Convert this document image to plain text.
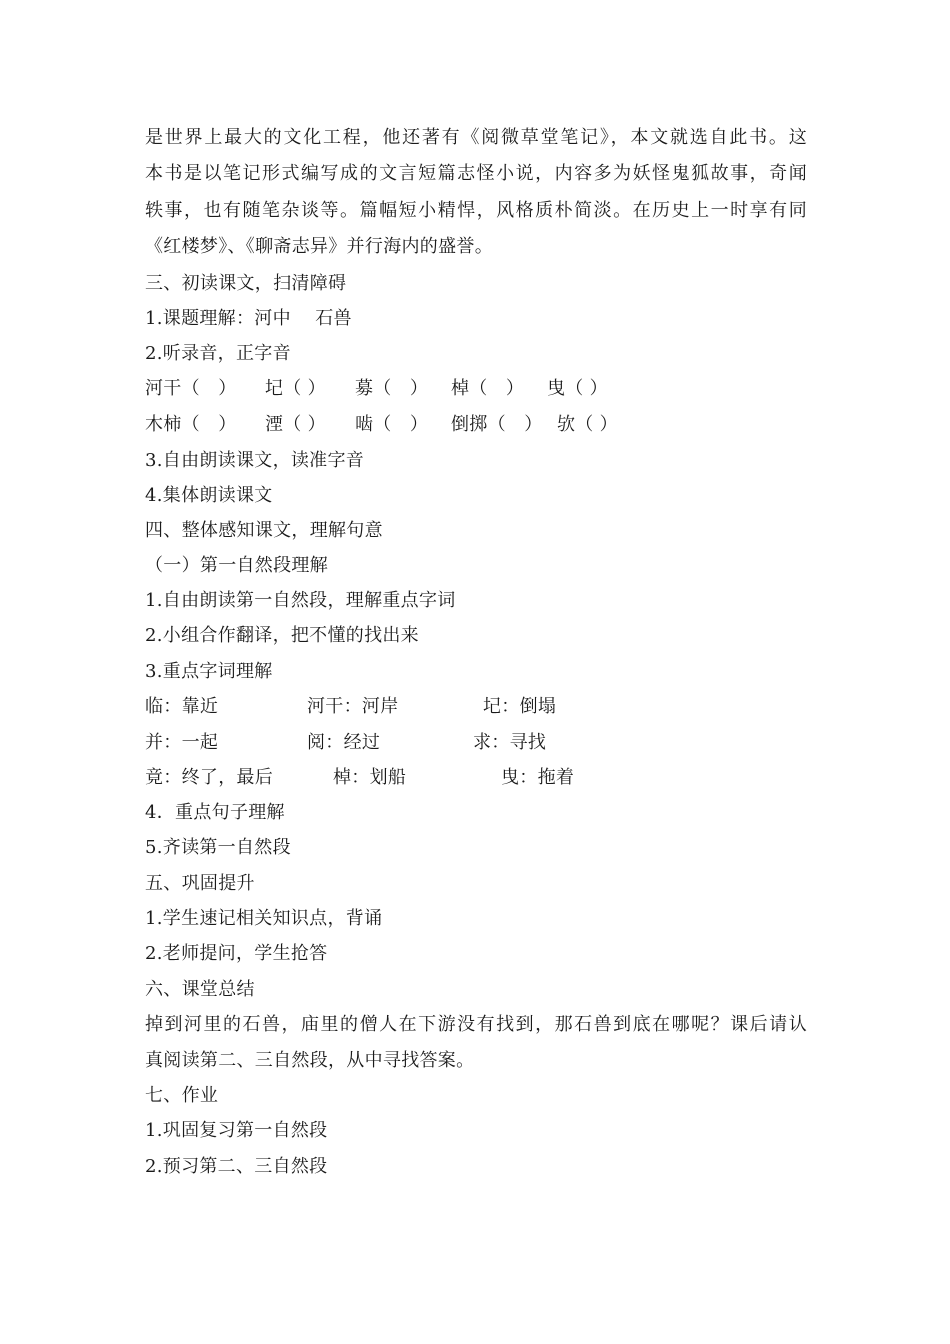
是世界上最大的文化工程，他还著有《阅微草堂笔记》，本文就选自此书。这
本书是以笔记形式编写成的文言短篇志怪小说，内容多为妖怪鬼狐故事，奇闻
轶事，也有随笔杂谈等。篇幅短小精悍，风格质朴简淡。在历史上一时享有同
《红楼梦》、《聊斋志异》并行海内的盛誉。
三、初读课文，扫清障碍
1.课题理解：河中　 石兽
2.听录音，正字音
河干（　） 圮（ ） 募（　） 棹（　） 曳（ ）
木柿（　） 湮（ ） 啮（　） 倒掷（　） 欤（ ）
3.自由朗读课文，读准字音
4.集体朗读课文
四、整体感知课文，理解句意
（一）第一自然段理解
1.自由朗读第一自然段，理解重点字词
2.小组合作翻译，把不懂的找出来
3.重点字词理解
临：靠近	河干：河岸	圮：倒塌
并：一起	阅：经过	求：寻找
竟：终了，最后	棹：划船	曳：拖着
4．重点句子理解
5.齐读第一自然段
五、巩固提升
1.学生速记相关知识点，背诵
2.老师提问，学生抢答
六、课堂总结
掉到河里的石兽，庙里的僧人在下游没有找到，那石兽到底在哪呢？课后请认
真阅读第二、三自然段，从中寻找答案。
七、作业
1.巩固复习第一自然段
2.预习第二、三自然段
